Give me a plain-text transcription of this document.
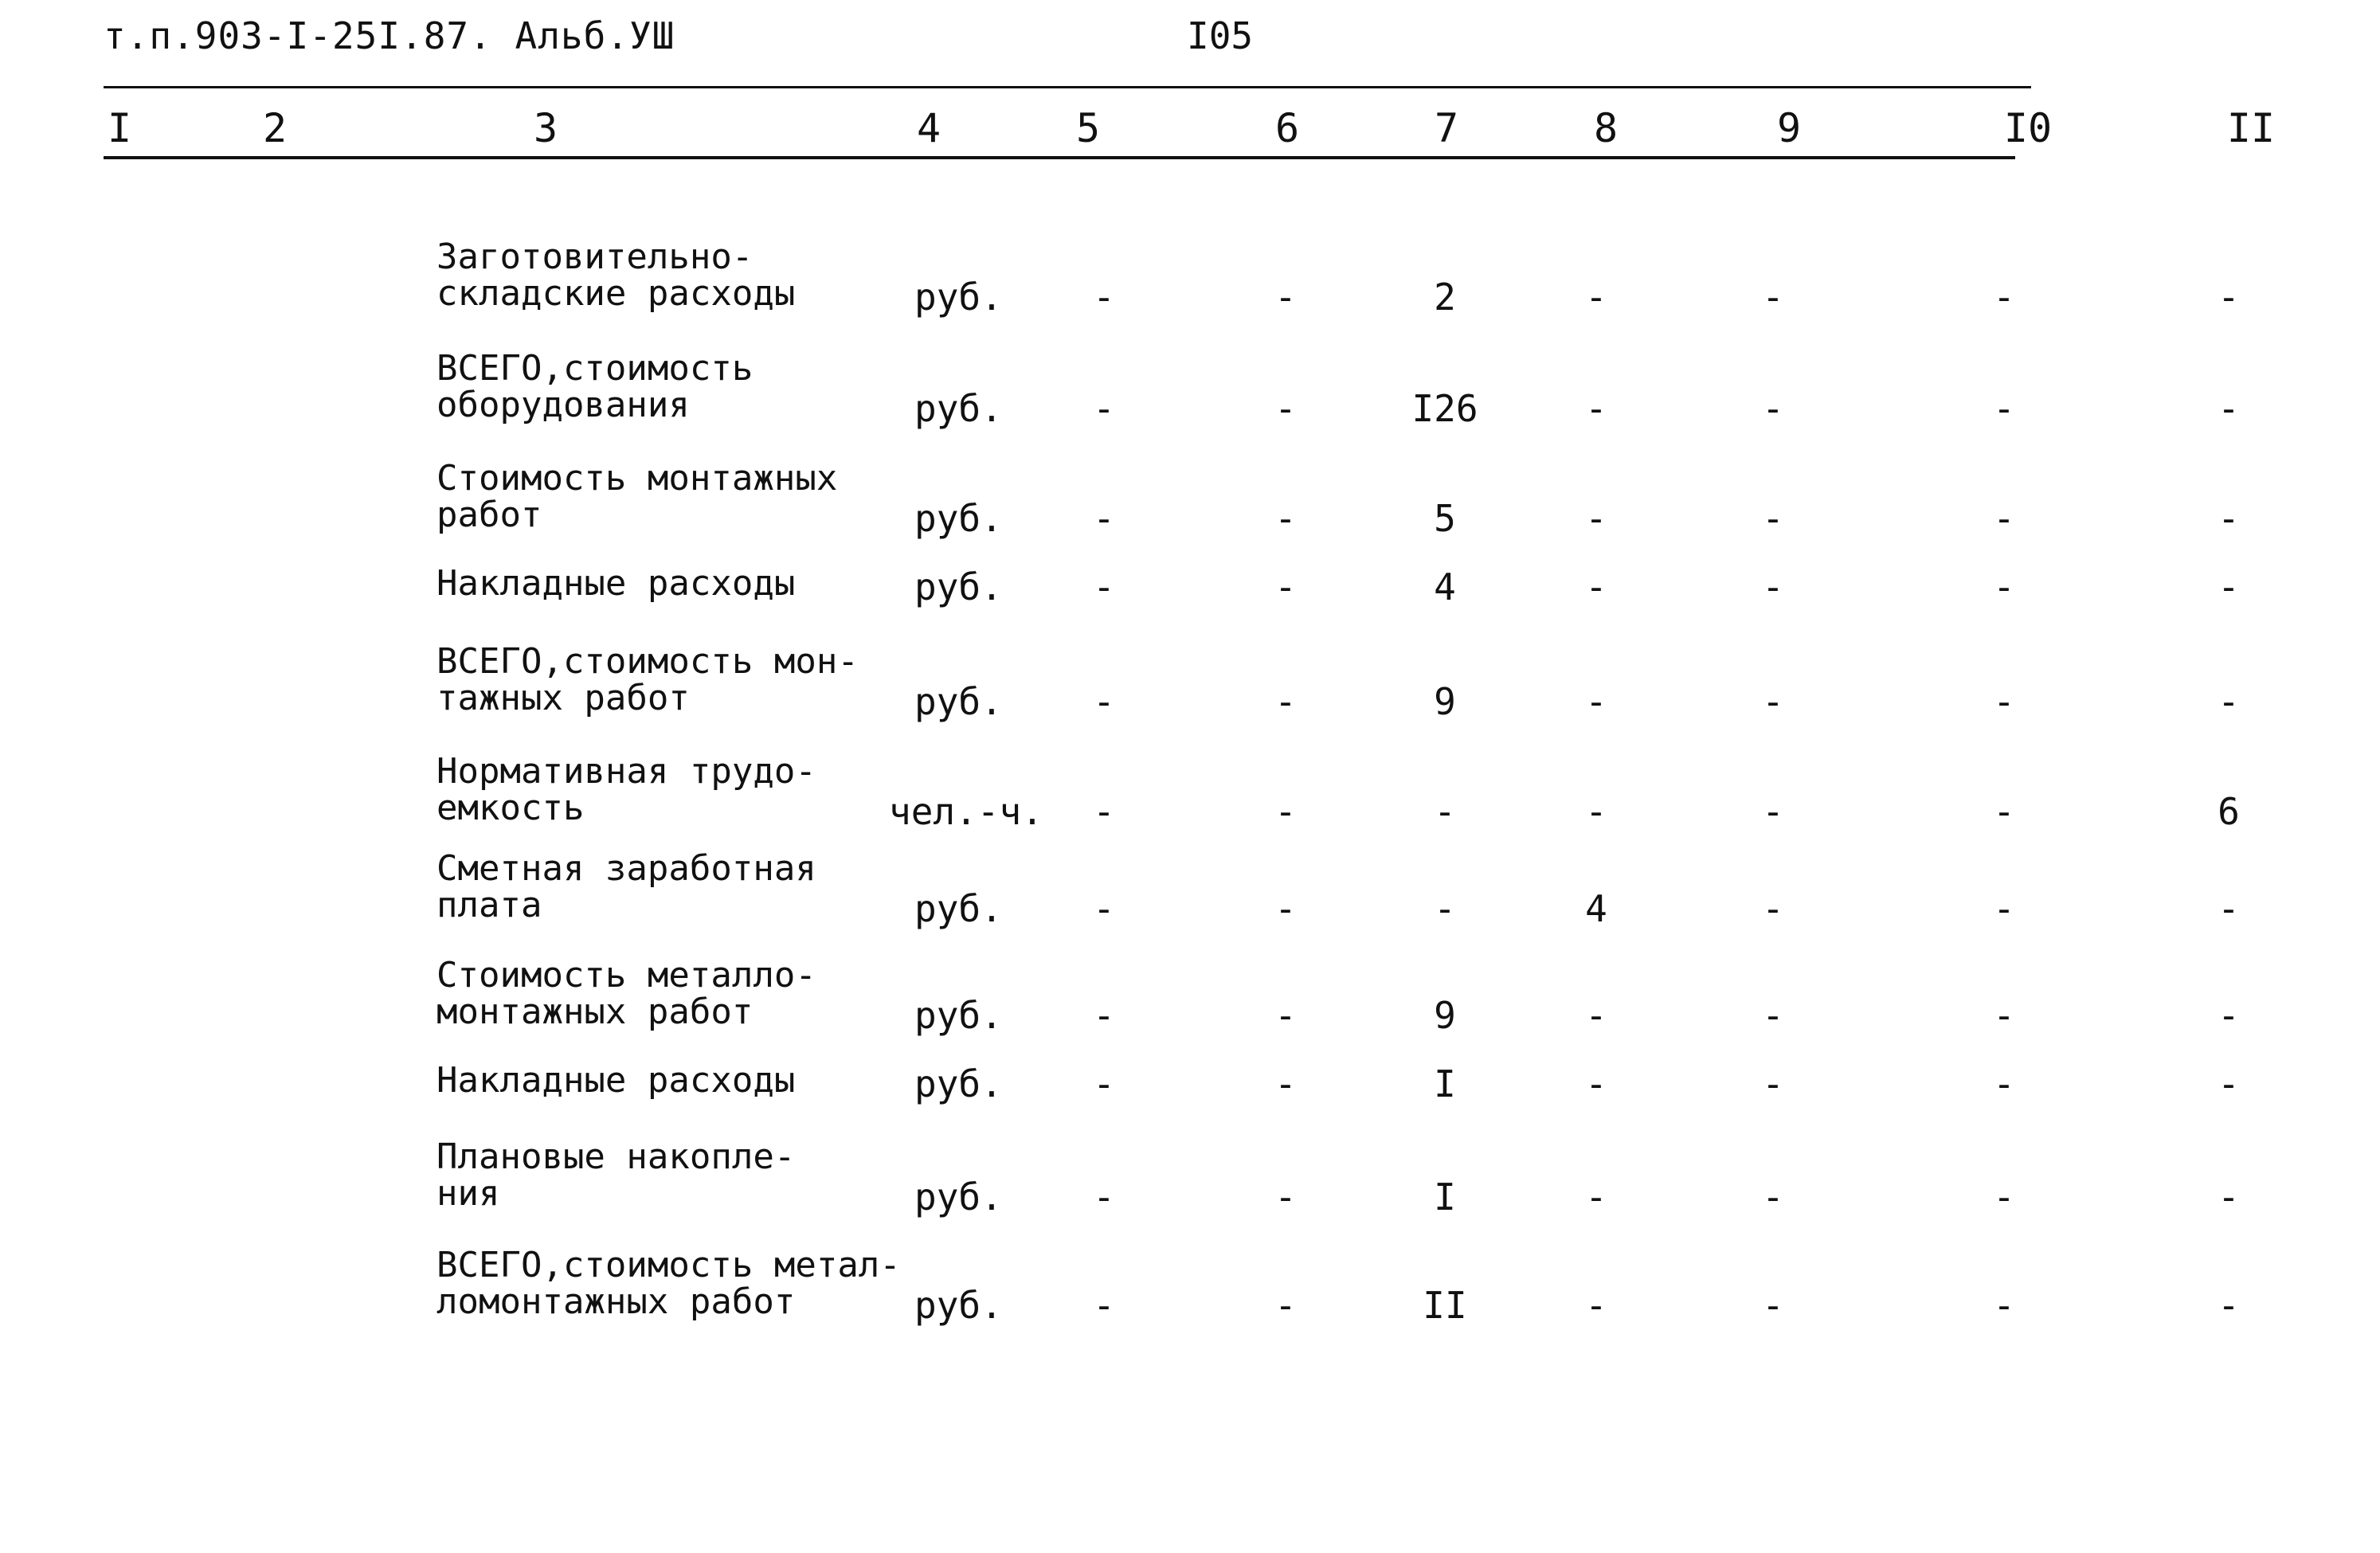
т.п.903-I-25I.87. Альб.УШ	I05
I	2	3	4	5	6	7	8	9	I0	II
Заготовительно-
складские расходы	руб.	-	-	2	-	-	-	-
ВСЕГО,стоимость
оборудования	руб.	-	-	I26	-	-	-	-
Стоимость монтажных
работ	руб.	-	-	5	-	-	-	-
Накладные расходы	руб.	-	-	4	-	-	-	-
ВСЕГО,стоимость мон-
тажных работ	руб.	-	-	9	-	-	-	-
Нормативная трудо-
емкость	чел.-ч.	-	-	-	-	-	-	6
Сметная заработная
плата	руб.	-	-	-	4	-	-	-
Стоимость металло-
монтажных работ	руб.	-	-	9	-	-	-	-
Накладные расходы	руб.	-	-	I	-	-	-	-
Плановые накопле-
ния	руб.	-	-	I	-	-	-	-
ВСЕГО,стоимость метал-
ломонтажных работ	руб.	-	-	II	-	-	-	-
